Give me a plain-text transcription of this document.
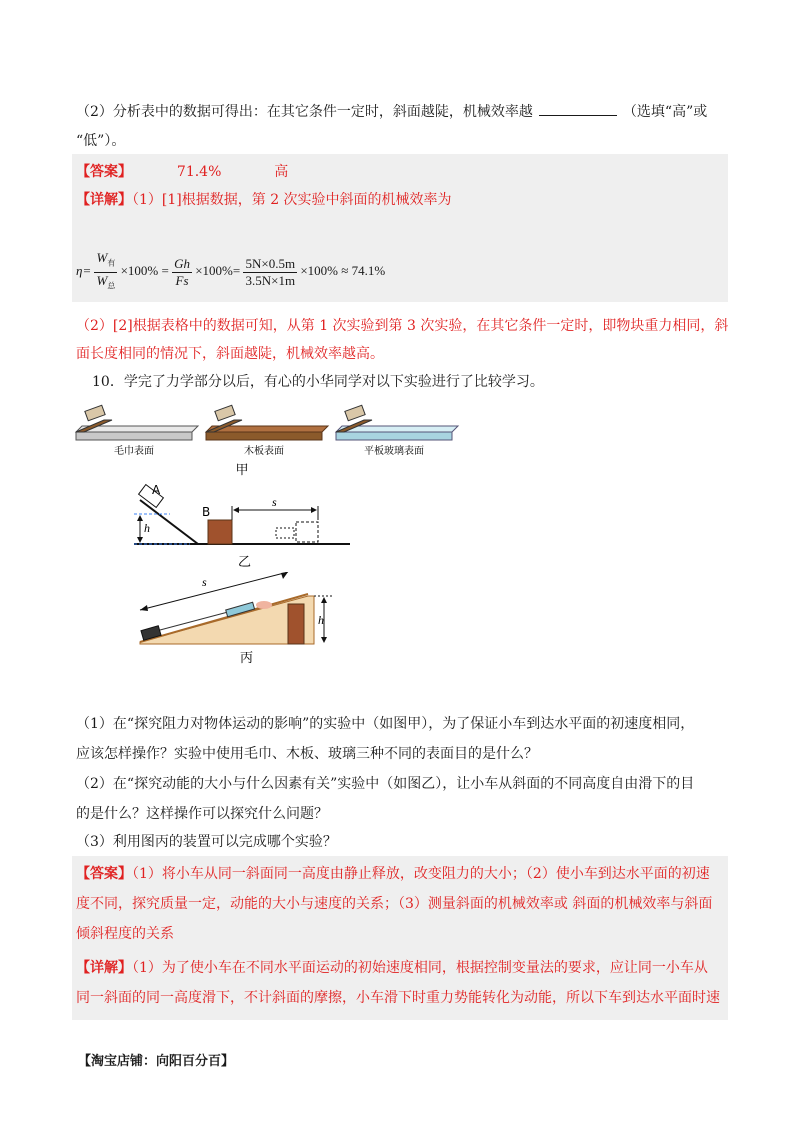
（2）分析表中的数据可得出：在其它条件一定时，斜面越陡，机械效率越	（选填“高”或
“低”）。
【答案】	71.4%	高
【详解】（1）[1]根据数据，第 2 次实验中斜面的机械效率为
$\eta= \frac{W_有}{W_总} \times 100\% = \frac{Gh}{Fs} \times 100\%= \frac{5N\times 0.5m}{3.5N\times 1m} \times 100\% \approx 74.1\%$
（2）[2]根据表格中的数据可知，从第 1 次实验到第 3 次实验，在其它条件一定时，即物块重力相同，斜
面长度相同的情况下，斜面越陡，机械效率越高。
10．学完了力学部分以后，有心的小华同学对以下实验进行了比较学习。
毛巾表面	木板表面	平板玻璃表面
甲
h
A
B
s
乙
s
h
丙
（1）在“探究阻力对物体运动的影响”的实验中（如图甲），为了保证小车到达水平面的初速度相同，
应该怎样操作？实验中使用毛巾、木板、玻璃三种不同的表面目的是什么？
（2）在“探究动能的大小与什么因素有关”实验中（如图乙），让小车从斜面的不同高度自由滑下的目
的是什么？这样操作可以探究什么问题？
（3）利用图丙的装置可以完成哪个实验？
【答案】（1）将小车从同一斜面同一高度由静止释放，改变阻力的大小；（2）使小车到达水平面的初速
度不同，探究质量一定，动能的大小与速度的关系；（3）测量斜面的机械效率或 斜面的机械效率与斜面
倾斜程度的关系
【详解】（1）为了使小车在不同水平面运动的初始速度相同，根据控制变量法的要求，应让同一小车从
同一斜面的同一高度滑下，不计斜面的摩擦，小车滑下时重力势能转化为动能，所以下车到达水平面时速
【淘宝店铺：向阳百分百】
